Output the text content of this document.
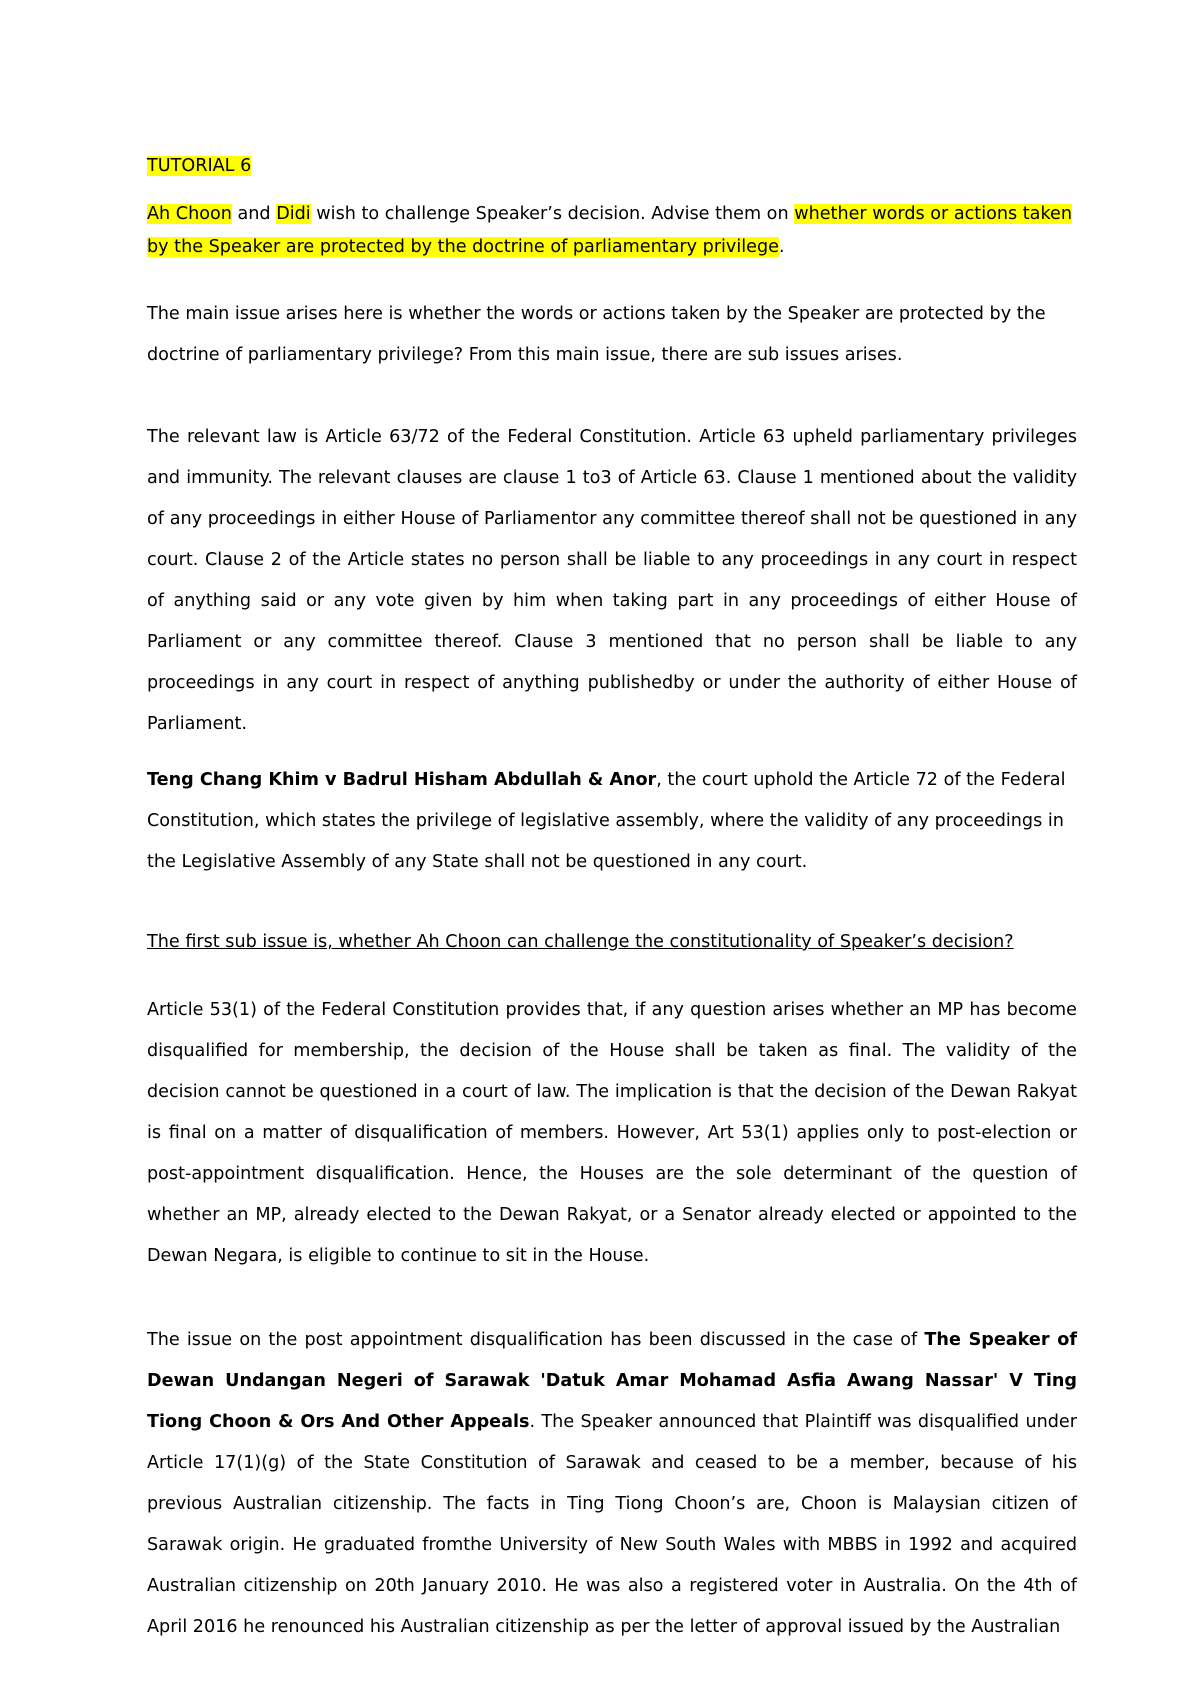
TUTORIAL 6
Ah Choon and Didi wish to challenge Speaker’s decision. Advise them on whether words or actions taken by the Speaker are protected by the doctrine of parliamentary privilege.

The main issue arises here is whether the words or actions taken by the Speaker are protected by the doctrine of parliamentary privilege? From this main issue, there are sub issues arises.

The relevant law is Article 63/72 of the Federal Constitution. Article 63 upheld parliamentary privileges and immunity. The relevant clauses are clause 1 to3 of Article 63. Clause 1 mentioned about the validity of any proceedings in either House of Parliamentor any committee thereof shall not be questioned in any court. Clause 2 of the Article states no person shall be liable to any proceedings in any court in respect of anything said or any vote given by him when taking part in any proceedings of either House of Parliament or any committee thereof. Clause 3 mentioned that no person shall be liable to any proceedings in any court in respect of anything publishedby or under the authority of either House of Parliament.

Teng Chang Khim v Badrul Hisham Abdullah & Anor, the court uphold the Article 72 of the Federal Constitution, which states the privilege of legislative assembly, where the validity of any proceedings in the Legislative Assembly of any State shall not be questioned in any court.

The first sub issue is, whether Ah Choon can challenge the constitutionality of Speaker’s decision?

Article 53(1) of the Federal Constitution provides that, if any question arises whether an MP has become disqualified for membership, the decision of the House shall be taken as final. The validity of the decision cannot be questioned in a court of law. The implication is that the decision of the Dewan Rakyat is final on a matter of disqualification of members. However, Art 53(1) applies only to post-election or post-appointment disqualification. Hence, the Houses are the sole determinant of the question of whether an MP, already elected to the Dewan Rakyat, or a Senator already elected or appointed to the Dewan Negara, is eligible to continue to sit in the House.

The issue on the post appointment disqualification has been discussed in the case of The Speaker of Dewan Undangan Negeri of Sarawak 'Datuk Amar Mohamad Asfia Awang Nassar' V Ting Tiong Choon & Ors And Other Appeals. The Speaker announced that Plaintiff was disqualified under Article 17(1)(g) of the State Constitution of Sarawak and ceased to be a member, because of his previous Australian citizenship. The facts in Ting Tiong Choon’s are, Choon is Malaysian citizen of Sarawak origin. He graduated fromthe University of New South Wales with MBBS in 1992 and acquired Australian citizenship on 20th January 2010. He was also a registered voter in Australia. On the 4th of April 2016 he renounced his Australian citizenship as per the letter of approval issued by the Australian
